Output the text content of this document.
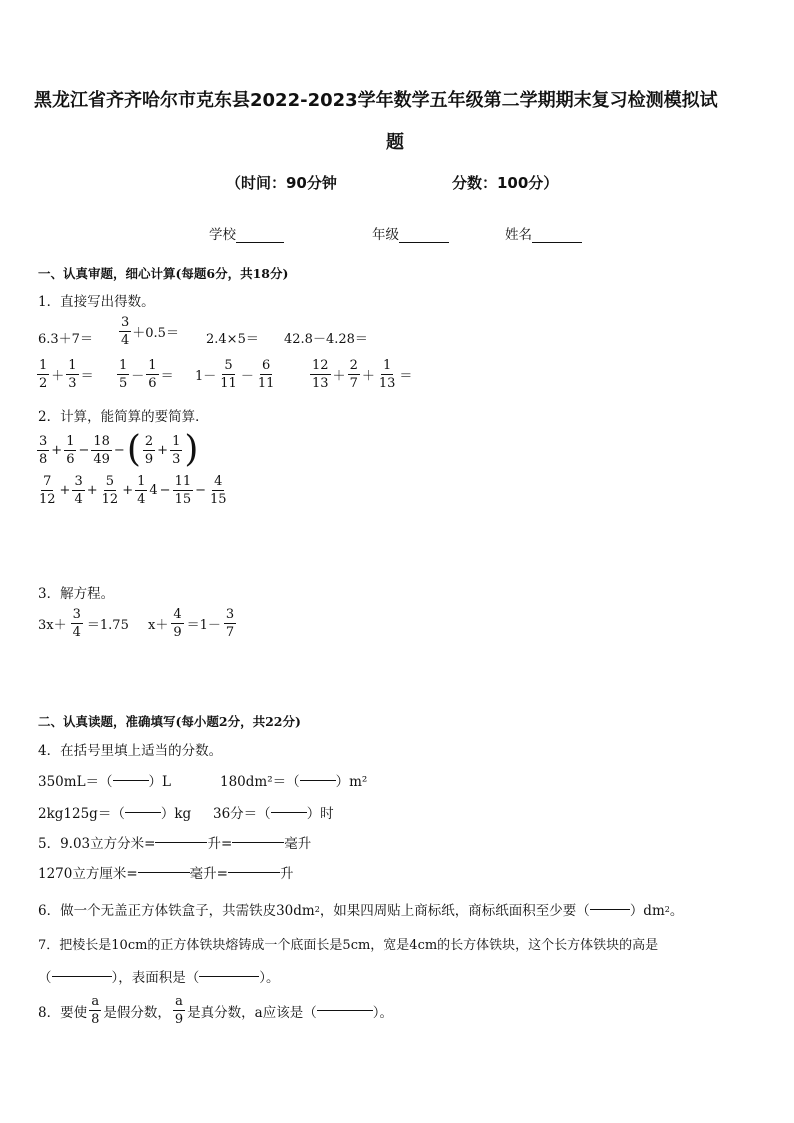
黑龙江省齐齐哈尔市克东县2022-2023学年数学五年级第二学期期末复习检测模拟试
题
（时间：90分钟	分数：100分）
学校	年级	姓名
一、认真审题，细心计算(每题6分，共18分)
1．直接写出得数。
$6.3+7= \frac{3}{4} +0.5= 2.4\times 5= 42.8-4.28=$
$\frac{1}{2} + \frac{1}{3} = \frac{1}{5} - \frac{1}{6} = 1- \frac{5}{11} - \frac{6}{11}$	$\frac{12}{13} + \frac{2}{7} + \frac{1}{13}$ ＝
2．计算，能简算的要简算．
$\frac{3}{8} + \frac{1}{6} - \frac{18}{49}$ − ( $\frac{2}{9} + \frac{1}{3}$ )
$\frac{7}{12} + \frac{3}{4} + \frac{5}{12} + \frac{1}{4} 4 - \frac{11}{15} - \frac{4}{15}$
3．解方程。
$3x+ \frac{3}{4} =1.75$ $x+ \frac{4}{9} =1- \frac{3}{7}$
二、认真读题，准确填写(每小题2分，共22分)
4．在括号里填上适当的分数。
350mL＝（	）L	180dm²＝（	）m²
2kg125g＝（	）kg 36分＝（	）时
5．9.03立方分米=	升=	毫升
1270立方厘米=	毫升=	升
6．做一个无盖正方体铁盒子，共需铁皮30dm 2 ，如果四周贴上商标纸，商标纸面积至少要（	）dm 2 。
7．把棱长是10cm的正方体铁块熔铸成一个底面长是5cm，宽是4cm的长方体铁块，这个长方体铁块的高是
（	），表面积是（	）。
8．要使 $\frac{a}{8}$ 是假分数， $\frac{a}{9}$ 是真分数，a应该是（	）。
